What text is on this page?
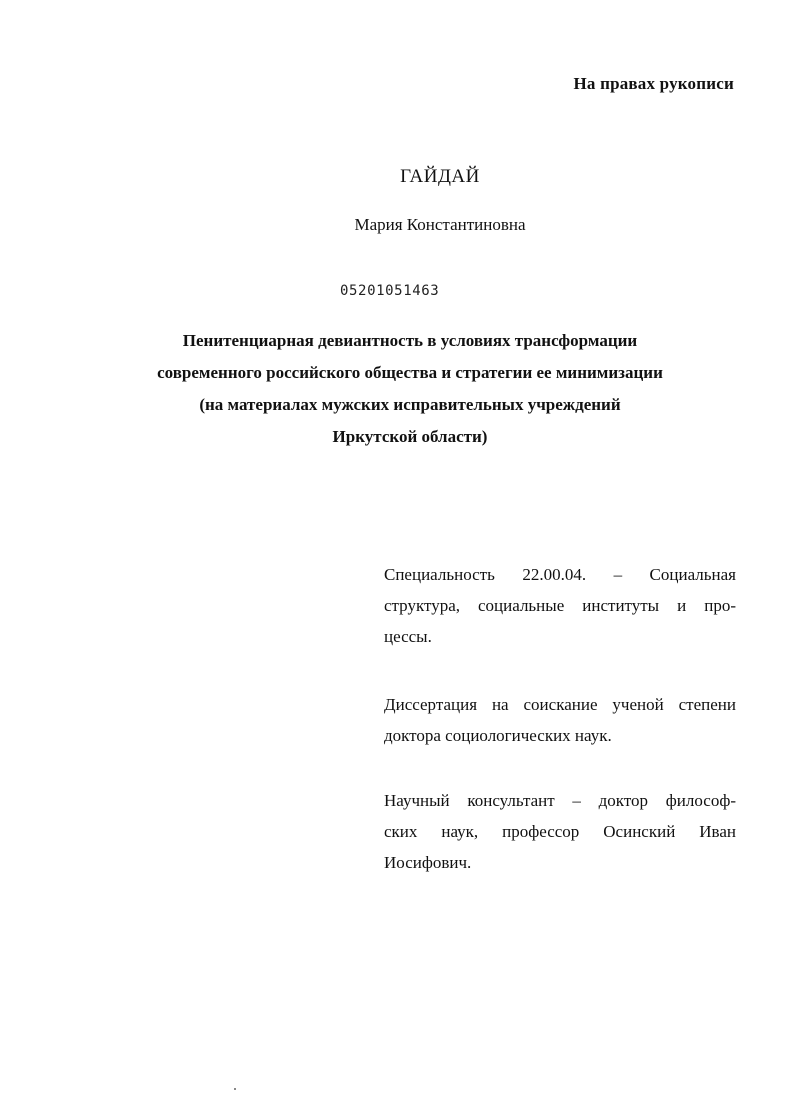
На правах рукописи
ГАЙДАЙ
Мария Константиновна
05201051463
Пенитенциарная девиантность в условиях трансформации
современного российского общества и стратегии ее минимизации
(на материалах мужских исправительных учреждений
Иркутской области)
Специальность 22.00.04. – Социальная
структура, социальные институты и про-
цессы.
Диссертация на соискание ученой степени
доктора социологических наук.
Научный консультант – доктор философ-
ских наук, профессор Осинский Иван
Иосифович.
